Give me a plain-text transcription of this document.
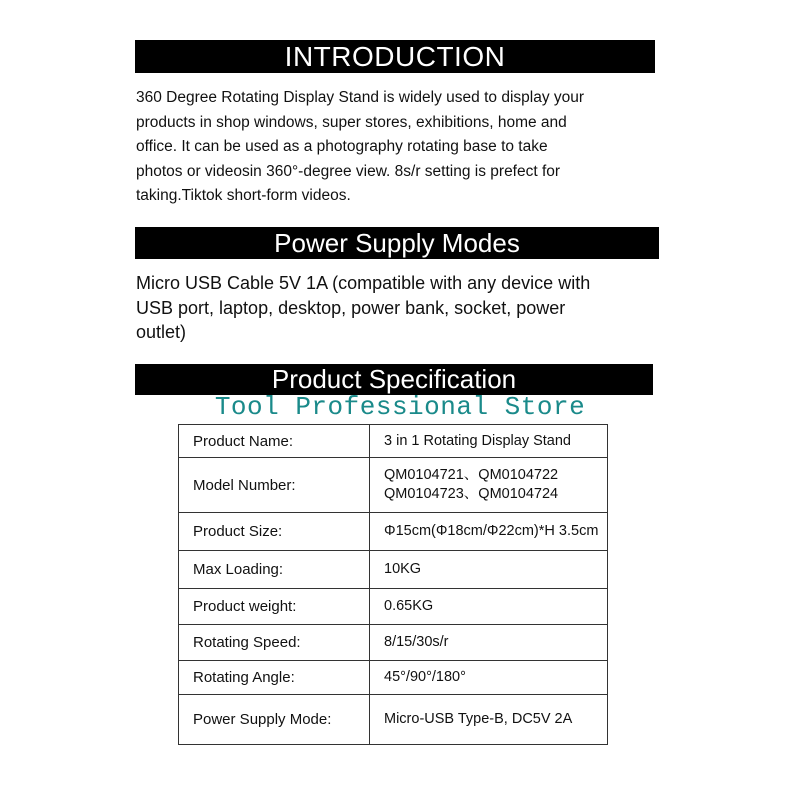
INTRODUCTION

360 Degree Rotating Display Stand is widely used to display your
products in shop windows, super stores, exhibitions, home and
office. It can be used as a photography rotating base to take
photos or videosin 360°-degree view. 8s/r setting is prefect for
taking.Tiktok short-form videos.

Power Supply Modes

Micro USB Cable 5V 1A (compatible with any device with
USB port, laptop, desktop, power bank, socket, power
outlet)

Product Specification
Product Name:	3 in 1 Rotating Display Stand
Model Number:	QM0104721、QM0104722
QM0104723、QM0104724
Product Size:	Φ15cm(Φ18cm/Φ22cm)*H 3.5cm
Max Loading:	10KG
Product weight:	0.65KG
Rotating Speed:	8/15/30s/r
Rotating Angle:	45°/90°/180°
Power Supply Mode:	Micro-USB Type-B, DC5V 2A
Tool Professional Store
